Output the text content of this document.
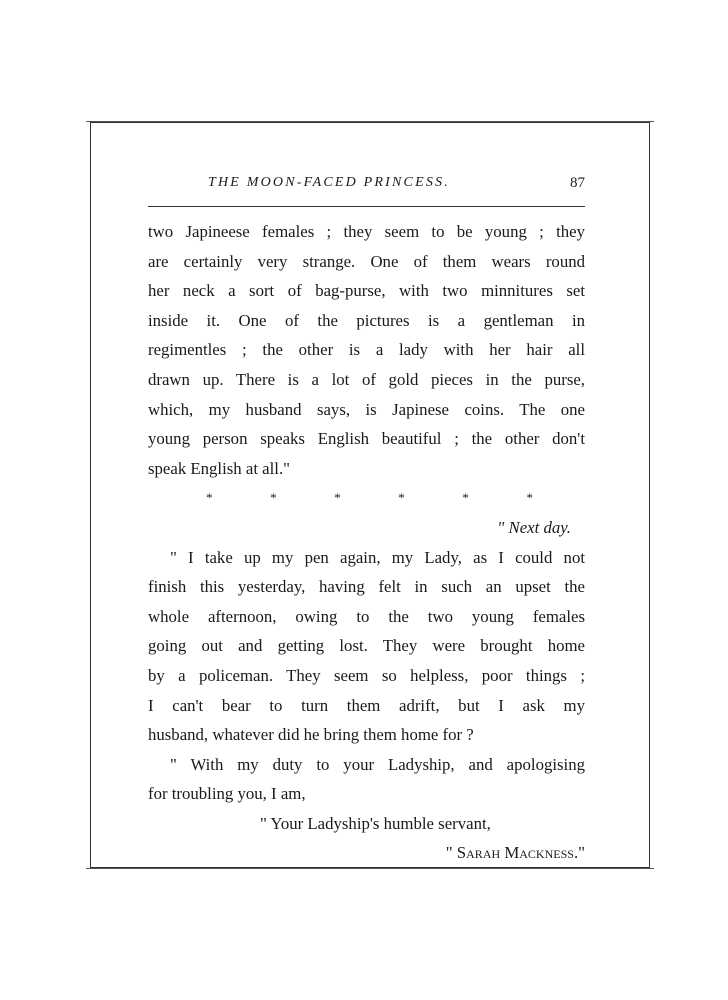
THE MOON-FACED PRINCESS.	87
two Japineese females ; they seem to be young ; they
are certainly very strange. One of them wears round
her neck a sort of bag-purse, with two minnitures set
inside it. One of the pictures is a gentleman in
regimentles ; the other is a lady with her hair all
drawn up. There is a lot of gold pieces in the purse,
which, my husband says, is Japinese coins. The one
young person speaks English beautiful ; the other don't
speak English at all."
*	*	*	*	*	*
" Next day.
" I take up my pen again, my Lady, as I could not
finish this yesterday, having felt in such an upset the
whole afternoon, owing to the two young females
going out and getting lost. They were brought home
by a policeman. They seem so helpless, poor things ;
I can't bear to turn them adrift, but I ask my
husband, whatever did he bring them home for ?
" With my duty to your Ladyship, and apologising
for troubling you, I am,
" Your Ladyship's humble servant,
" Sarah Mackness."
